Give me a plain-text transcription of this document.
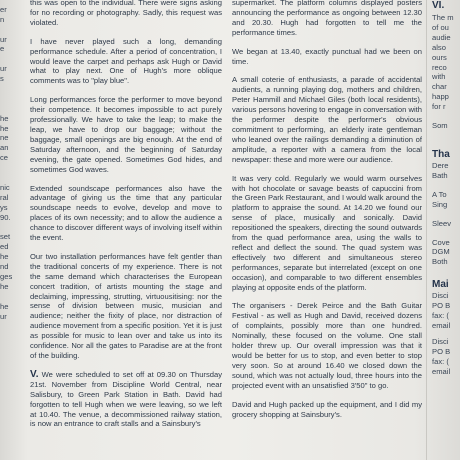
er
n
ur
e
ur
s
he
he
ne
an
ce
nic
ral
ys
90.
set
ed
he
nd
ges
he
he
ur

this was open to the individual. There were signs asking for no recording or photography. Sadly, this request was violated.

I have never played such a long, demanding performance schedule. After a period of concentration, I would leave the carpet and perhaps ask Hugh or David what to play next. One of Hugh's more oblique comments was to "play blue".

Long performances force the performer to move beyond their competence. It becomes impossible to act purely professionally. We have to take the leap; to make the leap, we have to drop our baggage; without the baggage, small openings are big enough. At the end of Saturday afternoon, and the beginning of Saturday evening, the gate opened. Sometimes God hides, and sometimes God waves.

Extended soundscape performances also have the advantage of giving us the time that any particular soundscape needs to evolve, develop and move to places of its own necessity; and to allow the audience a chance to discover different ways of involving itself within the event.

Our two installation performances have felt gentler than the traditional concerts of my experience. There is not the same demand which characterises the European concert tradition, of artists mounting the stage and declaiming, impressing, strutting, virtuousitising: nor the sense of division between music, musician and audience; neither the fixity of place, nor distraction of audience movement from a specific position. Yet it is just as possible for music to lean over and take us into its confidence. Nor all the gates to Paradise are at the front of the building.

V. We were scheduled to set off at 09.30 on Thursday 21st. November from Discipline World Central, near Salisbury, to Green Park Station in Bath. David had forgotten to tell Hugh when we were leaving, so we left at 10.40. The venue, a decommissioned railway station, is now an entrance to craft stalls and a Sainsbury's

supermarket. The platform columns displayed posters announcing the performance as ongoing between 12.30 and 20.30. Hugh had forgotten to tell me the performance times.

We began at 13.40, exactly punctual had we been on time.

A small coterie of enthusiasts, a parade of accidental audients, a running playing dog, mothers and children, Peter Hammill and Michael Giles (both local residents), various persons hovering to engage in conversation with the performer despite the performer's obvious commitment to performing, an elderly irate gentleman who leaned over the railings demanding a diminution of amplitude, a reporter with a camera from the local newspaper: these and more were our audience.

It was very cold. Regularly we would warm ourselves with hot chocolate or savage beasts of capuccini from the Green Park Restaurant, and I would walk around the platform to appraise the sound. At 14.20 we found our sense of place, musically and sonically. David repositioned the speakers, directing the sound outwards from the quad performance area, using the walls to reflect and deflect the sound. The quad system was effectively two different and simultaneous stereo performances, separate but interrelated (except on one occasion), and comparable to two different ensembles playing at opposite ends of the platform.

The organisers - Derek Peirce and the Bath Guitar Festival - as well as Hugh and David, received dozens of complaints, possibly more than one hundred. Nominally, these focused on the volume. One stall holder threw up. Our overall impression was that it would be better for us to stop, and even better to stop very soon. So at around 16.40 we closed down the sound, which was not actually loud, three hours into the projected event with an unsatisfied 3'50" to go.

David and Hugh packed up the equipment, and I did my grocery shopping at Sainsbury's.

VI.
The m
of ou
audie
also
ours
reco
with
char
happ
for r
Som
Tha
Dere
Bath
A To
Sing
Sleev
Cove
DGM
Both
Mai
Disci
PO B
fax: (
email
Disci
PO B
fax: (
email
